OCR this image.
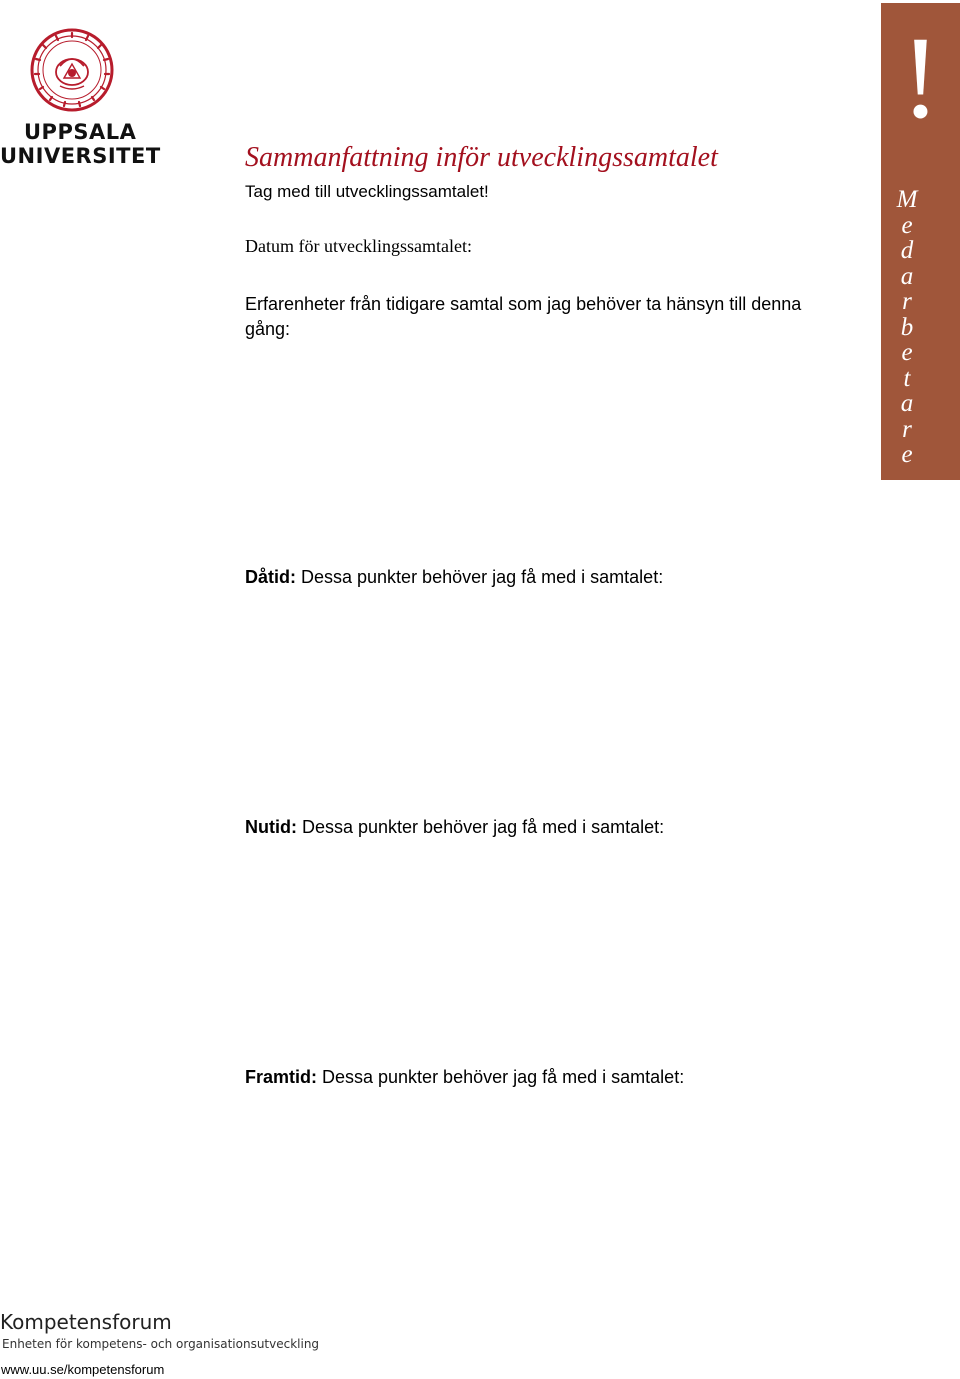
UPPSALA
UNIVERSITET	Sammanfattning inför utvecklingssamtalet
Tag med till utvecklingssamtalet!
Datum för utvecklingssamtalet:
Erfarenheter från tidigare samtal som jag behöver ta hänsyn till denna gång:
Dåtid: Dessa punkter behöver jag få med i samtalet:
Nutid: Dessa punkter behöver jag få med i samtalet:
Framtid: Dessa punkter behöver jag få med i samtalet:
!
M
e
d
a
r
b
e
t
a
r
e
Kompetensforum
Enheten för kompetens- och organisationsutveckling
www.uu.se/kompetensforum
